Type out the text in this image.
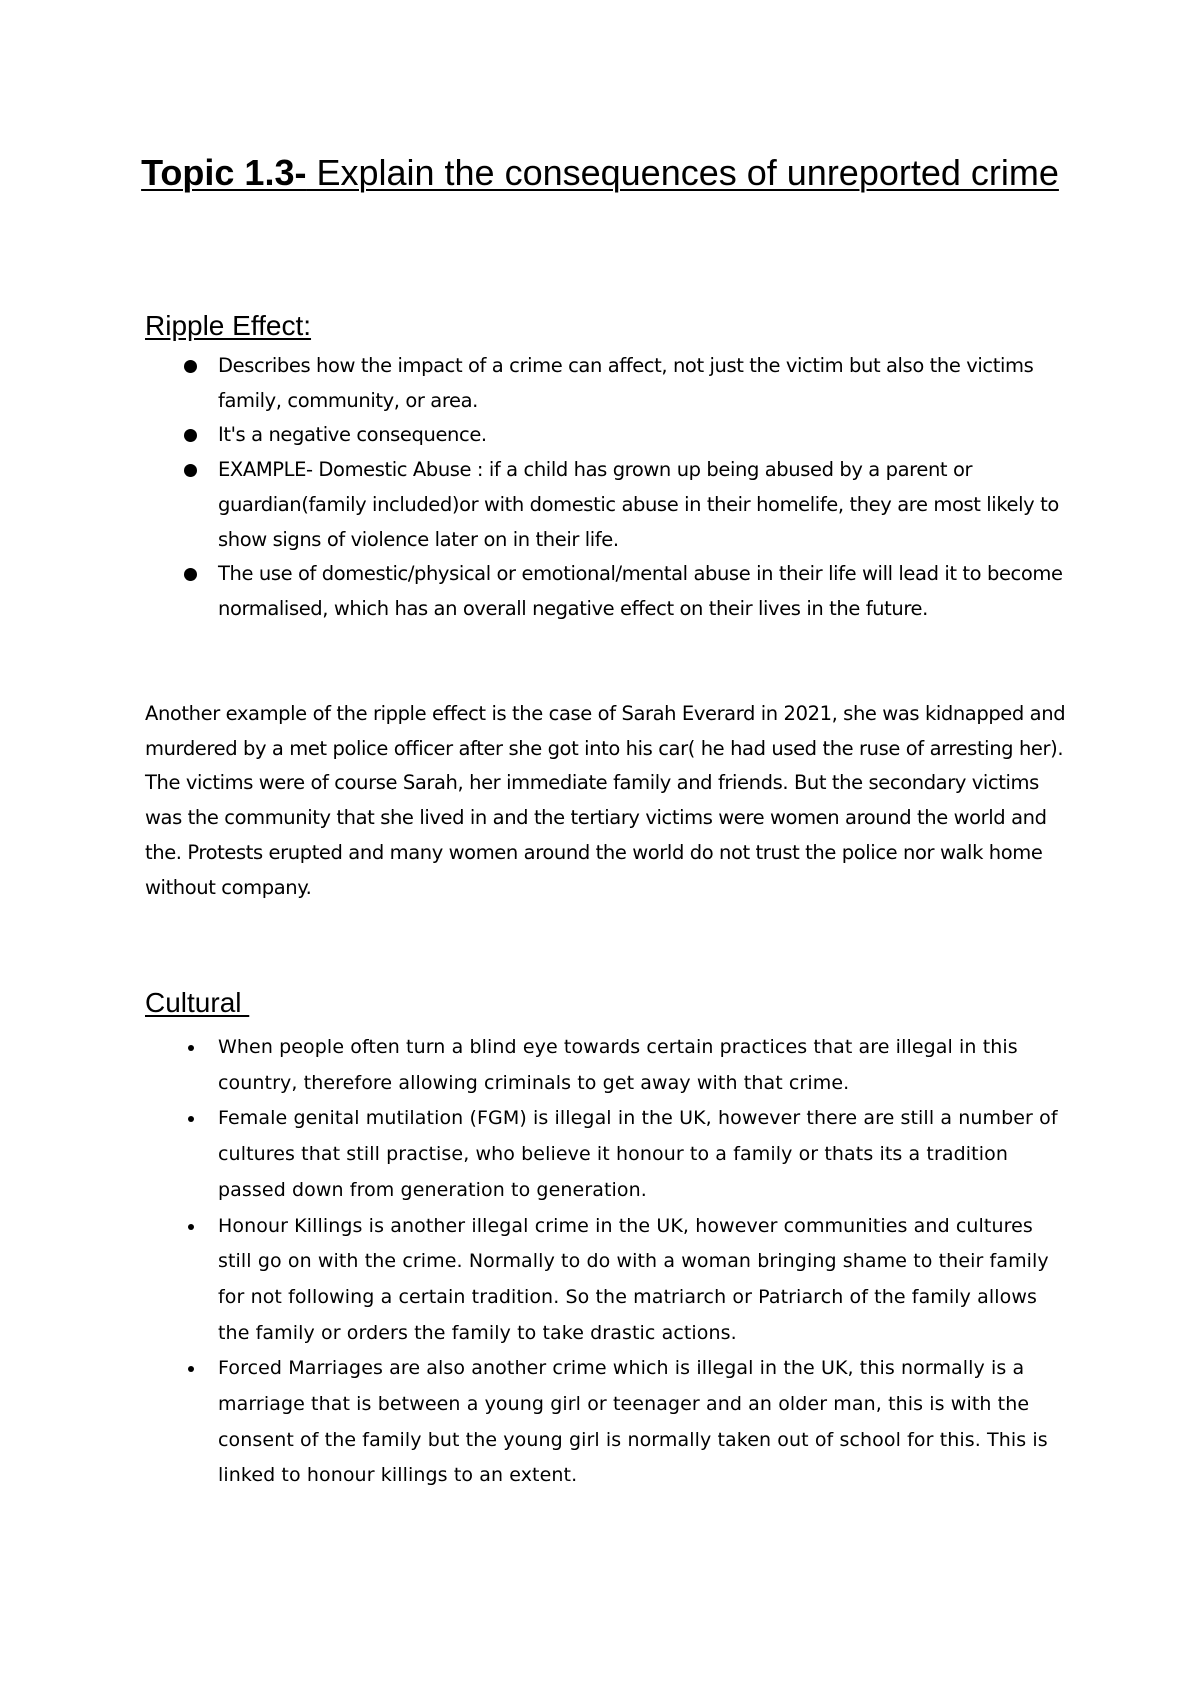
Topic 1.3- Explain the consequences of unreported crime
Ripple Effect:
Describes how the impact of a crime can affect, not just the victim but also the victims family, community, or area.
It's a negative consequence.
EXAMPLE- Domestic Abuse : if a child has grown up being abused by a parent or guardian(family included)or with domestic abuse in their homelife, they are most likely to show signs of violence later on in their life.
The use of domestic/physical or emotional/mental abuse in their life will lead it to become normalised, which has an overall negative effect on their lives in the future.

Another example of the ripple effect is the case of Sarah Everard in 2021, she was kidnapped and murdered by a met police officer after she got into his car( he had used the ruse of arresting her). The victims were of course Sarah, her immediate family and friends. But the secondary victims was the community that she lived in and the tertiary victims were women around the world and the. Protests erupted and many women around the world do not trust the police nor walk home without company.

Cultural
When people often turn a blind eye towards certain practices that are illegal in this country, therefore allowing criminals to get away with that crime.
Female genital mutilation (FGM) is illegal in the UK, however there are still a number of cultures that still practise, who believe it honour to a family or thats its a tradition passed down from generation to generation.
Honour Killings is another illegal crime in the UK, however communities and cultures still go on with the crime. Normally to do with a woman bringing shame to their family for not following a certain tradition. So the matriarch or Patriarch of the family allows the family or orders the family to take drastic actions.
Forced Marriages are also another crime which is illegal in the UK, this normally is a marriage that is between a young girl or teenager and an older man, this is with the consent of the family but the young girl is normally taken out of school for this. This is linked to honour killings to an extent.
